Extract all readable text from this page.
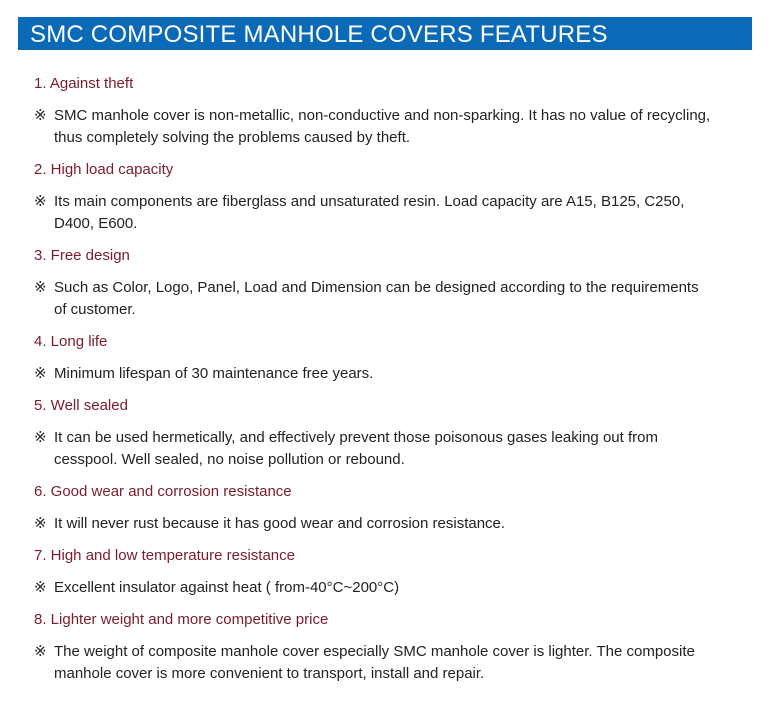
SMC COMPOSITE MANHOLE COVERS FEATURES
1. Against theft
※ SMC manhole cover is non-metallic, non-conductive and non-sparking. It has no value of recycling, thus completely solving the problems caused by theft.
2. High load capacity
※ Its main components are fiberglass and unsaturated resin. Load capacity are A15, B125, C250, D400, E600.
3. Free design
※ Such as Color, Logo, Panel, Load and Dimension can be designed according to the requirements of customer.
4. Long life
※ Minimum lifespan of 30 maintenance free years.
5. Well sealed
※ It can be used hermetically, and effectively prevent those poisonous gases leaking out from cesspool. Well sealed, no noise pollution or rebound.
6. Good wear and corrosion resistance
※ It will never rust because it has good wear and corrosion resistance.
7. High and low temperature resistance
※ Excellent insulator against heat ( from-40°C~200°C)
8. Lighter weight and more competitive price
※ The weight of composite manhole cover especially SMC manhole cover is lighter. The composite manhole cover is more convenient to transport, install and repair.
